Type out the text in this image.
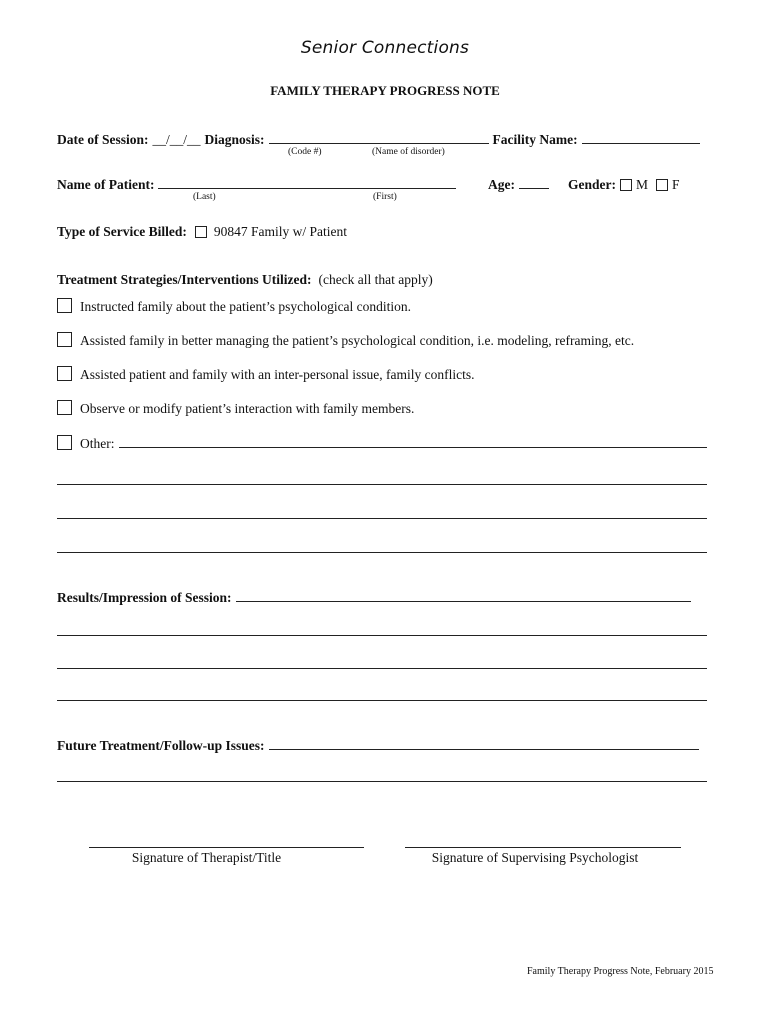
Senior Connections
FAMILY THERAPY PROGRESS NOTE
Date of Session: __/__/__ Diagnosis:	Facility Name:
(Code #)	(Name of disorder)
Name of Patient:	Age:	Gender: M F
(Last)	(First)
Type of Service Billed: 90847 Family w/ Patient
Treatment Strategies/Interventions Utilized: (check all that apply)
Instructed family about the patient’s psychological condition.
Assisted family in better managing the patient’s psychological condition, i.e. modeling, reframing, etc.
Assisted patient and family with an inter-personal issue, family conflicts.
Observe or modify patient’s interaction with family members.
Other:
Results/Impression of Session:
Future Treatment/Follow-up Issues:
Signature of Therapist/Title	Signature of Supervising Psychologist
Family Therapy Progress Note, February 2015
